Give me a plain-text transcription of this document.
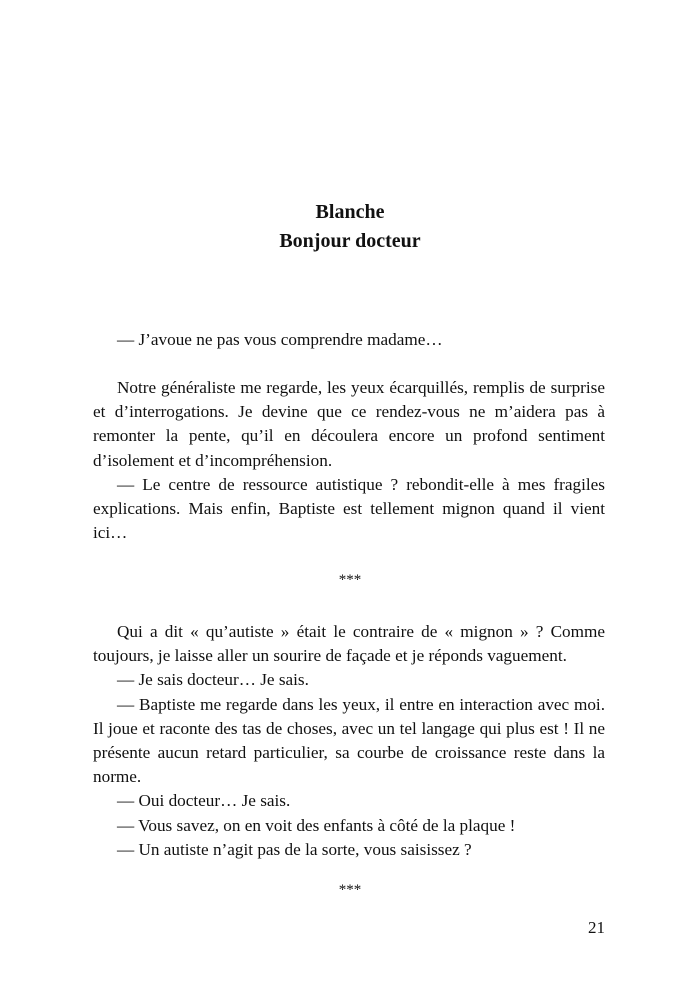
Blanche
Bonjour docteur

— J’avoue ne pas vous comprendre madame…

Notre généraliste me regarde, les yeux écarquillés, remplis de surprise et d’interrogations. Je devine que ce rendez-vous ne m’aidera pas à remonter la pente, qu’il en découlera encore un profond sentiment d’isolement et d’incompréhension.

— Le centre de ressource autistique ? rebondit-elle à mes fragiles explications. Mais enfin, Baptiste est tellement mignon quand il vient ici…

***

Qui a dit « qu’autiste » était le contraire de « mignon » ? Comme toujours, je laisse aller un sourire de façade et je réponds vaguement.

— Je sais docteur… Je sais.

— Baptiste me regarde dans les yeux, il entre en interaction avec moi. Il joue et raconte des tas de choses, avec un tel langage qui plus est ! Il ne présente aucun retard particulier, sa courbe de croissance reste dans la norme.

— Oui docteur… Je sais.

— Vous savez, on en voit des enfants à côté de la plaque !

— Un autiste n’agit pas de la sorte, vous saisissez ?

***
21
